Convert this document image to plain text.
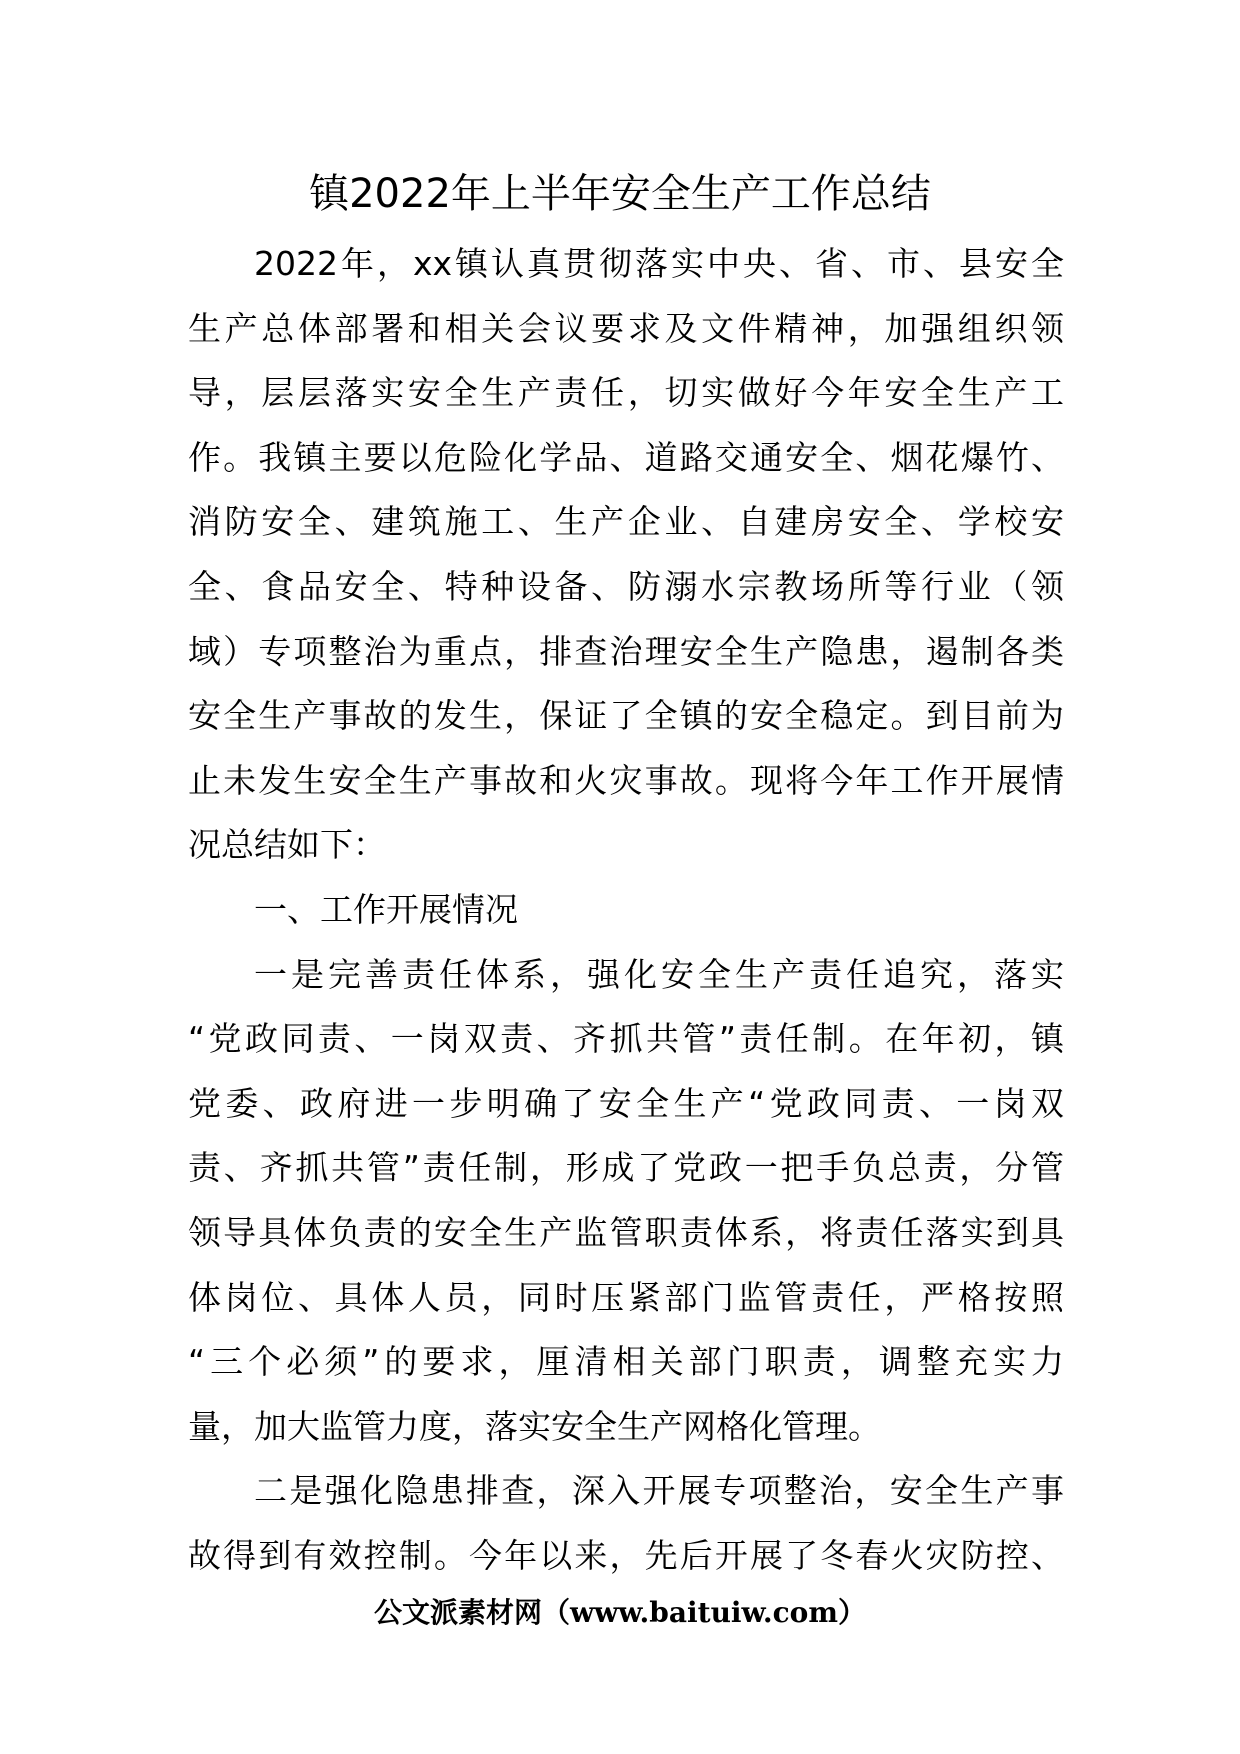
镇2022年上半年安全生产工作总结
2022年，xx镇认真贯彻落实中央、省、市、县安全
生产总体部署和相关会议要求及文件精神，加强组织领
导，层层落实安全生产责任，切实做好今年安全生产工
作。我镇主要以危险化学品、道路交通安全、烟花爆竹、
消防安全、建筑施工、生产企业、自建房安全、学校安
全、食品安全、特种设备、防溺水宗教场所等行业（领
域）专项整治为重点，排查治理安全生产隐患，遏制各类
安全生产事故的发生，保证了全镇的安全稳定。到目前为
止未发生安全生产事故和火灾事故。现将今年工作开展情
况总结如下：
一、工作开展情况
一是完善责任体系，强化安全生产责任追究，落实
“党政同责、一岗双责、齐抓共管”责任制。在年初，镇
党委、政府进一步明确了安全生产“党政同责、一岗双
责、齐抓共管”责任制，形成了党政一把手负总责，分管
领导具体负责的安全生产监管职责体系，将责任落实到具
体岗位、具体人员，同时压紧部门监管责任，严格按照
“三个必须”的要求，厘清相关部门职责，调整充实力
量，加大监管力度，落实安全生产网格化管理。
二是强化隐患排查，深入开展专项整治，安全生产事
故得到有效控制。今年以来，先后开展了冬春火灾防控、
公文派素材网（www.baituiw.com）
